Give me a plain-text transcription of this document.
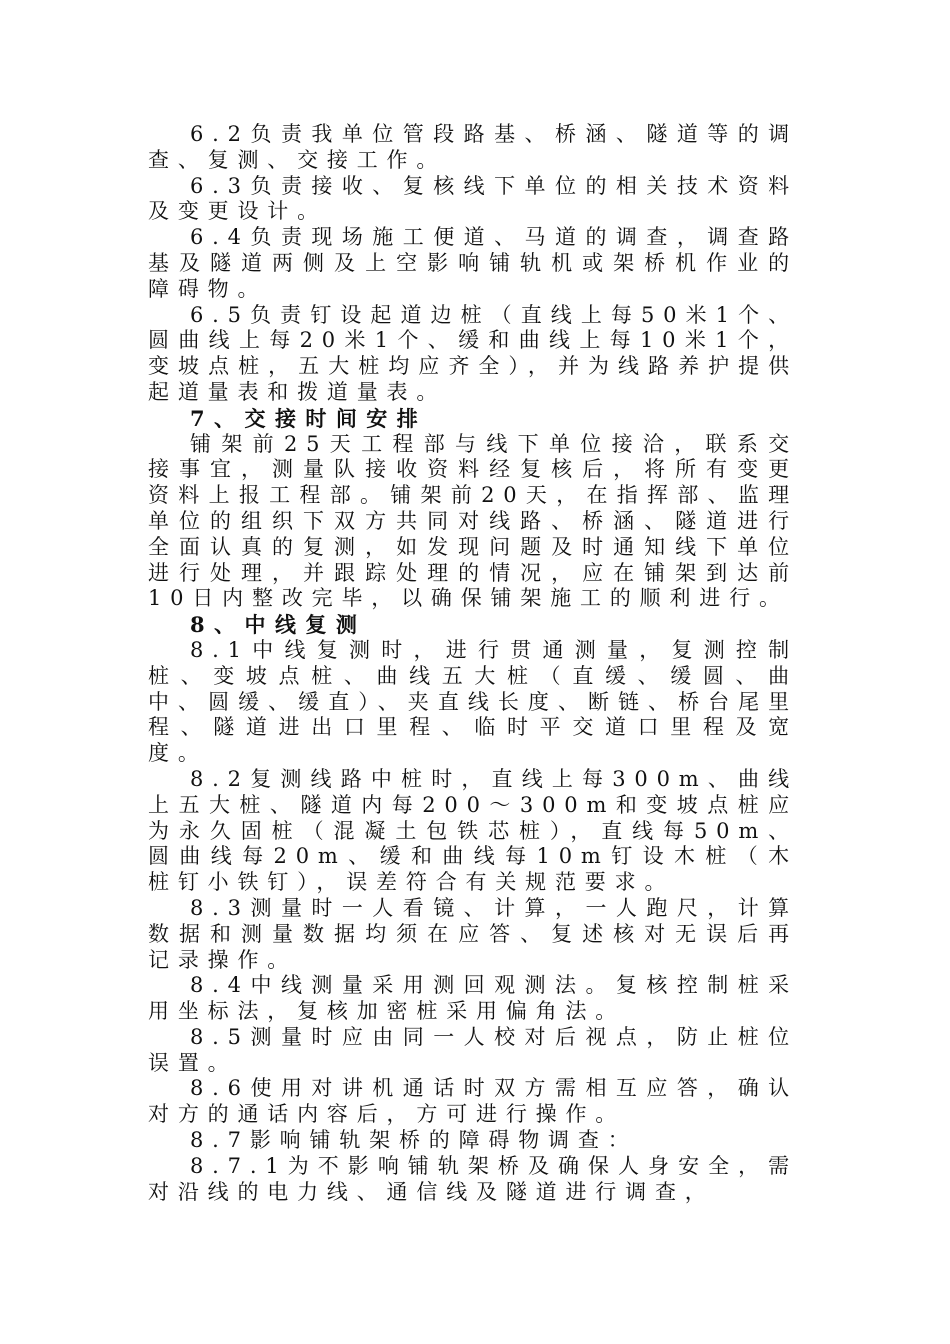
6.2负责我单位管段路基、桥涵、隧道等的调查、复测、交接工作。

6.3负责接收、复核线下单位的相关技术资料及变更设计。

6.4负责现场施工便道、马道的调查，调查路基及隧道两侧及上空影响铺轨机或架桥机作业的障碍物。

6.5负责钉设起道边桩（直线上每50米1个、圆曲线上每20米1个、缓和曲线上每10米1个，变坡点桩，五大桩均应齐全），并为线路养护提供起道量表和拨道量表。

7、交接时间安排

铺架前25天工程部与线下单位接洽，联系交接事宜，测量队接收资料经复核后，将所有变更资料上报工程部。铺架前20天，在指挥部、监理单位的组织下双方共同对线路、桥涵、隧道进行全面认真的复测，如发现问题及时通知线下单位进行处理，并跟踪处理的情况，应在铺架到达前10日内整改完毕，以确保铺架施工的顺利进行。

8、中线复测

8.1中线复测时，进行贯通测量，复测控制桩、变坡点桩、曲线五大桩（直缓、缓圆、曲中、圆缓、缓直）、夹直线长度、断链、桥台尾里程、隧道进出口里程、临时平交道口里程及宽度。

8.2复测线路中桩时，直线上每300m、曲线上五大桩、隧道内每200～300m和变坡点桩应为永久固桩（混凝土包铁芯桩），直线每50m、圆曲线每20m、缓和曲线每10m钉设木桩（木桩钉小铁钉），误差符合有关规范要求。

8.3测量时一人看镜、计算，一人跑尺，计算数据和测量数据均须在应答、复述核对无误后再记录操作。

8.4中线测量采用测回观测法。复核控制桩采用坐标法，复核加密桩采用偏角法。

8.5测量时应由同一人校对后视点，防止桩位误置。

8.6使用对讲机通话时双方需相互应答，确认对方的通话内容后，方可进行操作。

8.7影响铺轨架桥的障碍物调查：

8.7.1为不影响铺轨架桥及确保人身安全，需对沿线的电力线、通信线及隧道进行调查，
